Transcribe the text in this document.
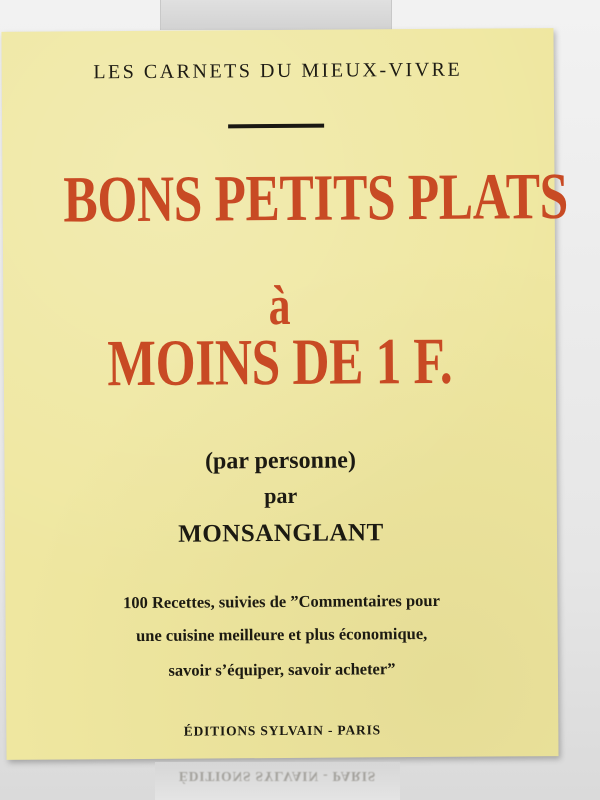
LES CARNETS DU MIEUX-VIVRE
BONS PETITS PLATS
à
MOINS DE 1 F.
(par personne)
par
MONSANGLANT
100 Recettes, suivies de ”Commentaires pour
une cuisine meilleure et plus économique,
savoir s’équiper, savoir acheter”
ÉDITIONS SYLVAIN - PARIS
ÉDITIONS SYLVAIN - PARIS
